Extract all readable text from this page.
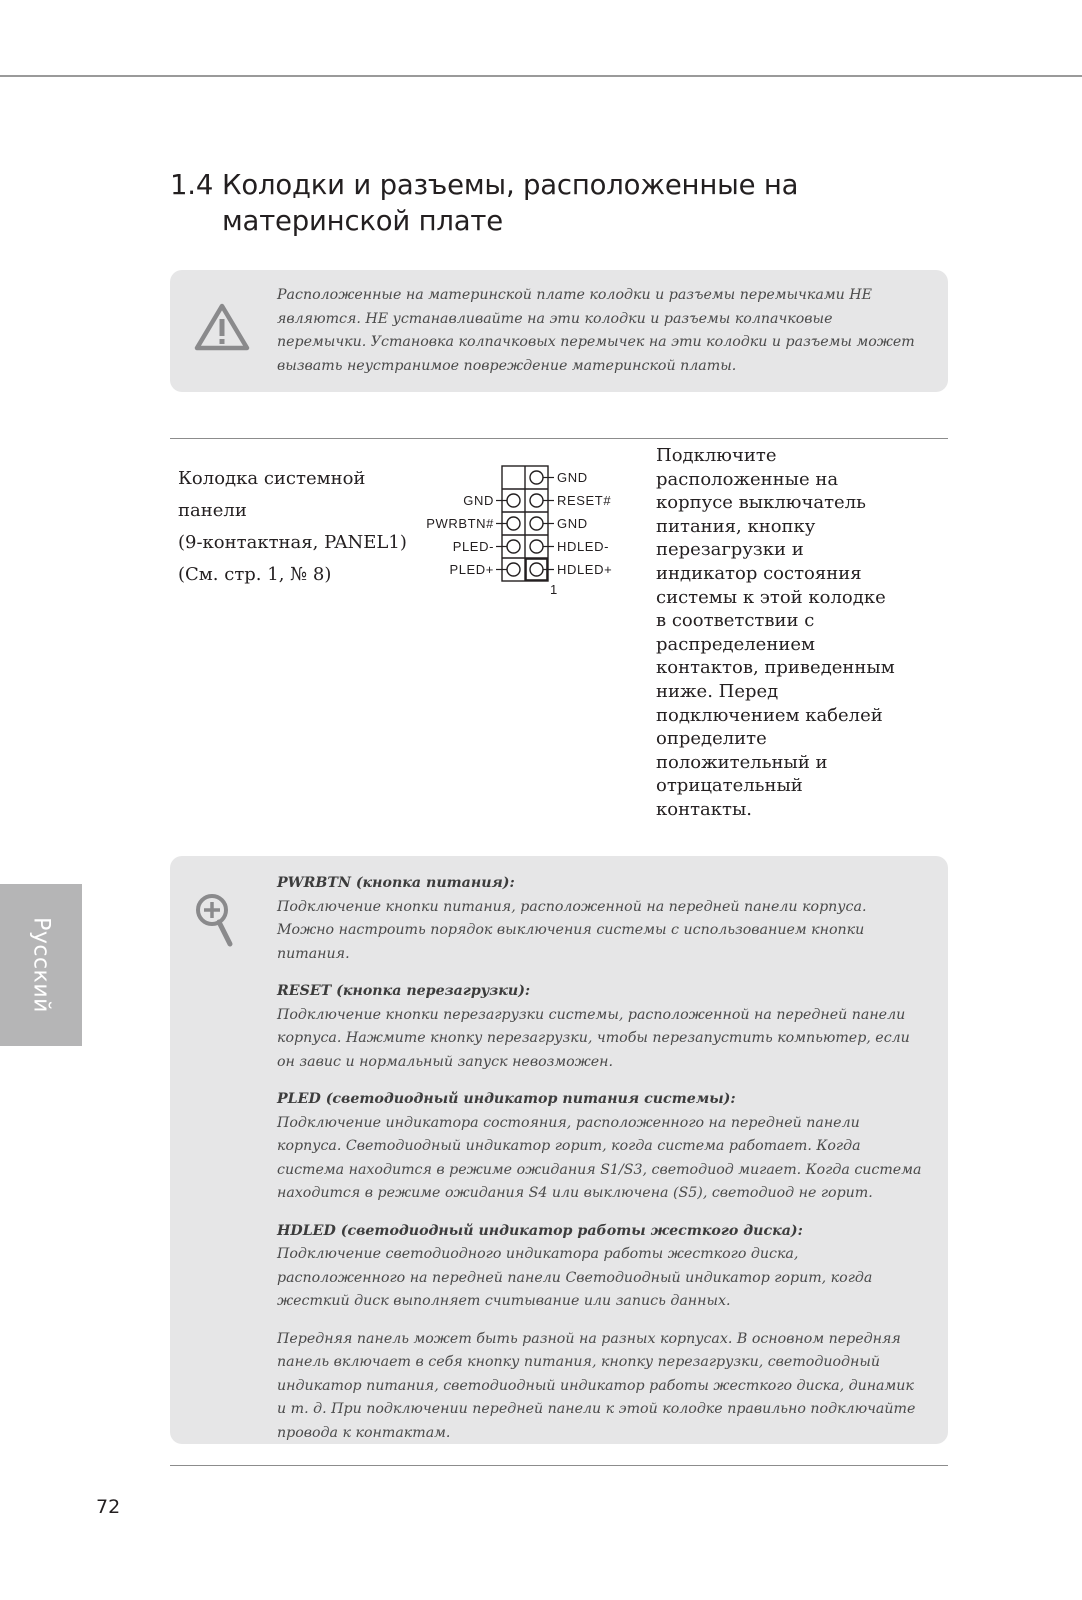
1.4 Колодки и разъемы, расположенные на материнской плате

Расположенные на материнской плате колодки и разъемы перемычками НЕ являются. НЕ устанавливайте на эти колодки и разъемы колпачковые перемычки. Установка колпачковых перемычек на эти колодки и разъемы может вызвать неустранимое повреждение материнской платы.

Колодка системной
панели
(9-контактная, PANEL1)
(См. стр. 1, № 8)
GND
RESET#
GND
HDLED-
HDLED+
GND
PWRBTN#
PLED-
PLED+
1

Подключите расположенные на корпусе выключатель питания, кнопку перезагрузки и индикатор состояния системы к этой колодке в соответствии с распределением контактов, приведенным ниже. Перед подключением кабелей определите положительный и отрицательный контакты.

PWRBTN (кнопка питания):

Подключение кнопки питания, расположенной на передней панели корпуса. Можно настроить порядок выключения системы с использованием кнопки питания.

RESET (кнопка перезагрузки):

Подключение кнопки перезагрузки системы, расположенной на передней панели корпуса. Нажмите кнопку перезагрузки, чтобы перезапустить компьютер, если он завис и нормальный запуск невозможен.

PLED (светодиодный индикатор питания системы):

Подключение индикатора состояния, расположенного на передней панели корпуса. Светодиодный индикатор горит, когда система работает. Когда система находится в режиме ожидания S1/S3, светодиод мигает. Когда система находится в режиме ожидания S4 или выключена (S5), светодиод не горит.

HDLED (светодиодный индикатор работы жесткого диска):

Подключение светодиодного индикатора работы жесткого диска, расположенного на передней панели Светодиодный индикатор горит, когда жесткий диск выполняет считывание или запись данных.

Передняя панель может быть разной на разных корпусах. В основном передняя панель включает в себя кнопку питания, кнопку перезагрузки, светодиодный индикатор питания, светодиодный индикатор работы жесткого диска, динамик и т. д. При подключении передней панели к этой колодке правильно подключайте провода к контактам.

Русский
72
